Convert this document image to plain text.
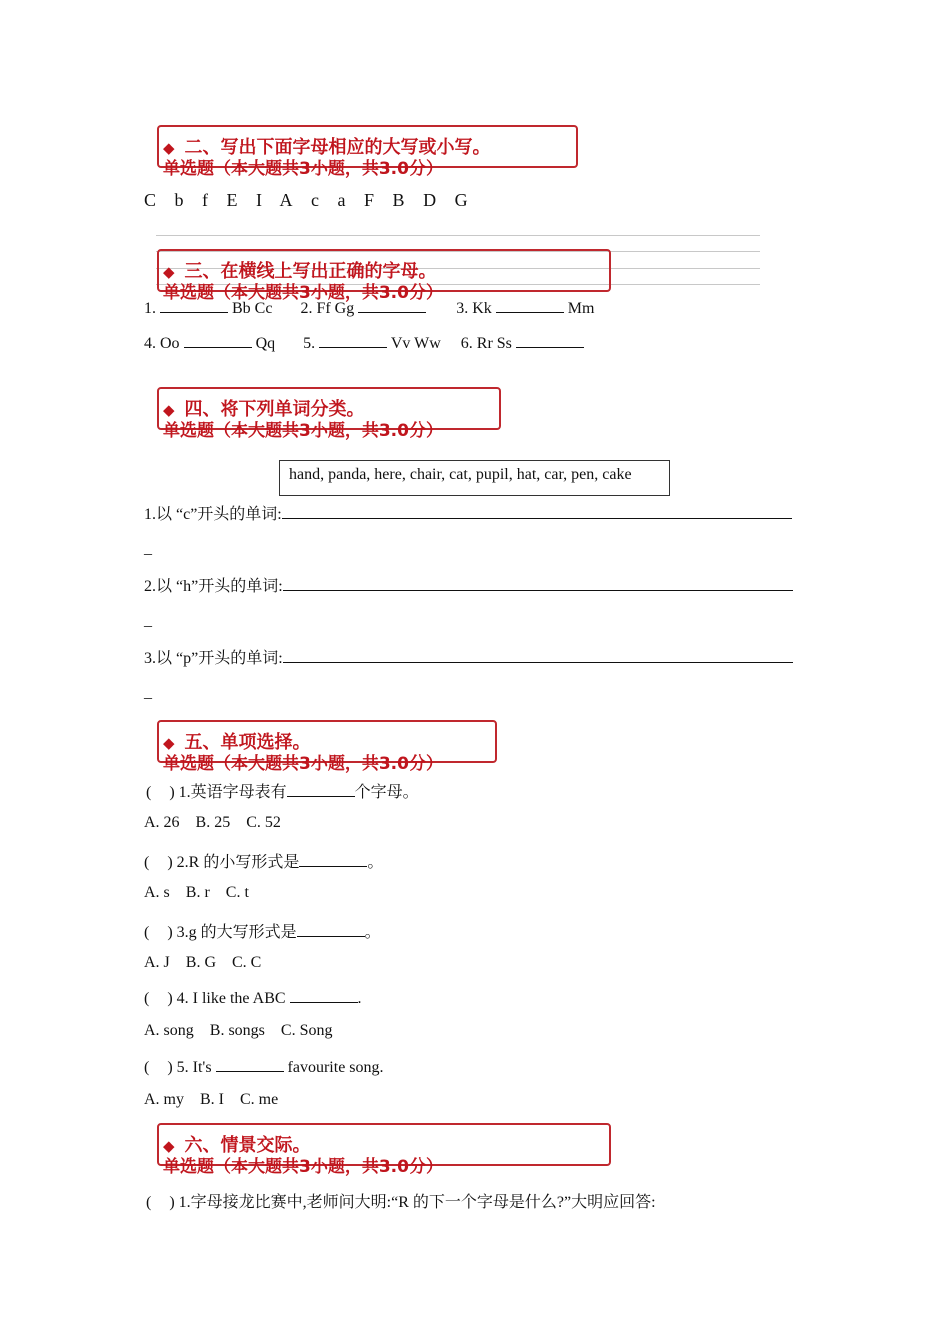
◆ 二、写出下面字母相应的大写或小写。
单选题（本大题共3小题，共3.0分）
C b f E I A c a F B D G
◆ 三、在横线上写出正确的字母。
单选题（本大题共3小题，共3.0分）
1.	Bb Cc 2. Ff Gg	3. Kk	Mm
4. Oo	Qq 5.	Vv Ww 6. Rr Ss
◆ 四、将下列单词分类。
单选题（本大题共3小题，共3.0分）
hand, panda, here, chair, cat, pupil, hat, car, pen, cake
1.以 “c”开头的单词:
_
2.以 “h”开头的单词:
_
3.以 “p”开头的单词:
_
◆ 五、单项选择。
单选题（本大题共3小题，共3.0分）
( ) 1.英语字母表有	个字母。
A. 26    B. 25    C. 52
( ) 2.R 的小写形式是	。
A. s    B. r    C. t
( ) 3.g 的大写形式是	。
A. J    B. G    C. C
( ) 4. I like the ABC	.
A. song    B. songs    C. Song
( ) 5. It's	favourite song.
A. my    B. I    C. me
◆ 六、情景交际。
单选题（本大题共3小题，共3.0分）
( ) 1.字母接龙比赛中,老师问大明:“R 的下一个字母是什么?”大明应回答:
